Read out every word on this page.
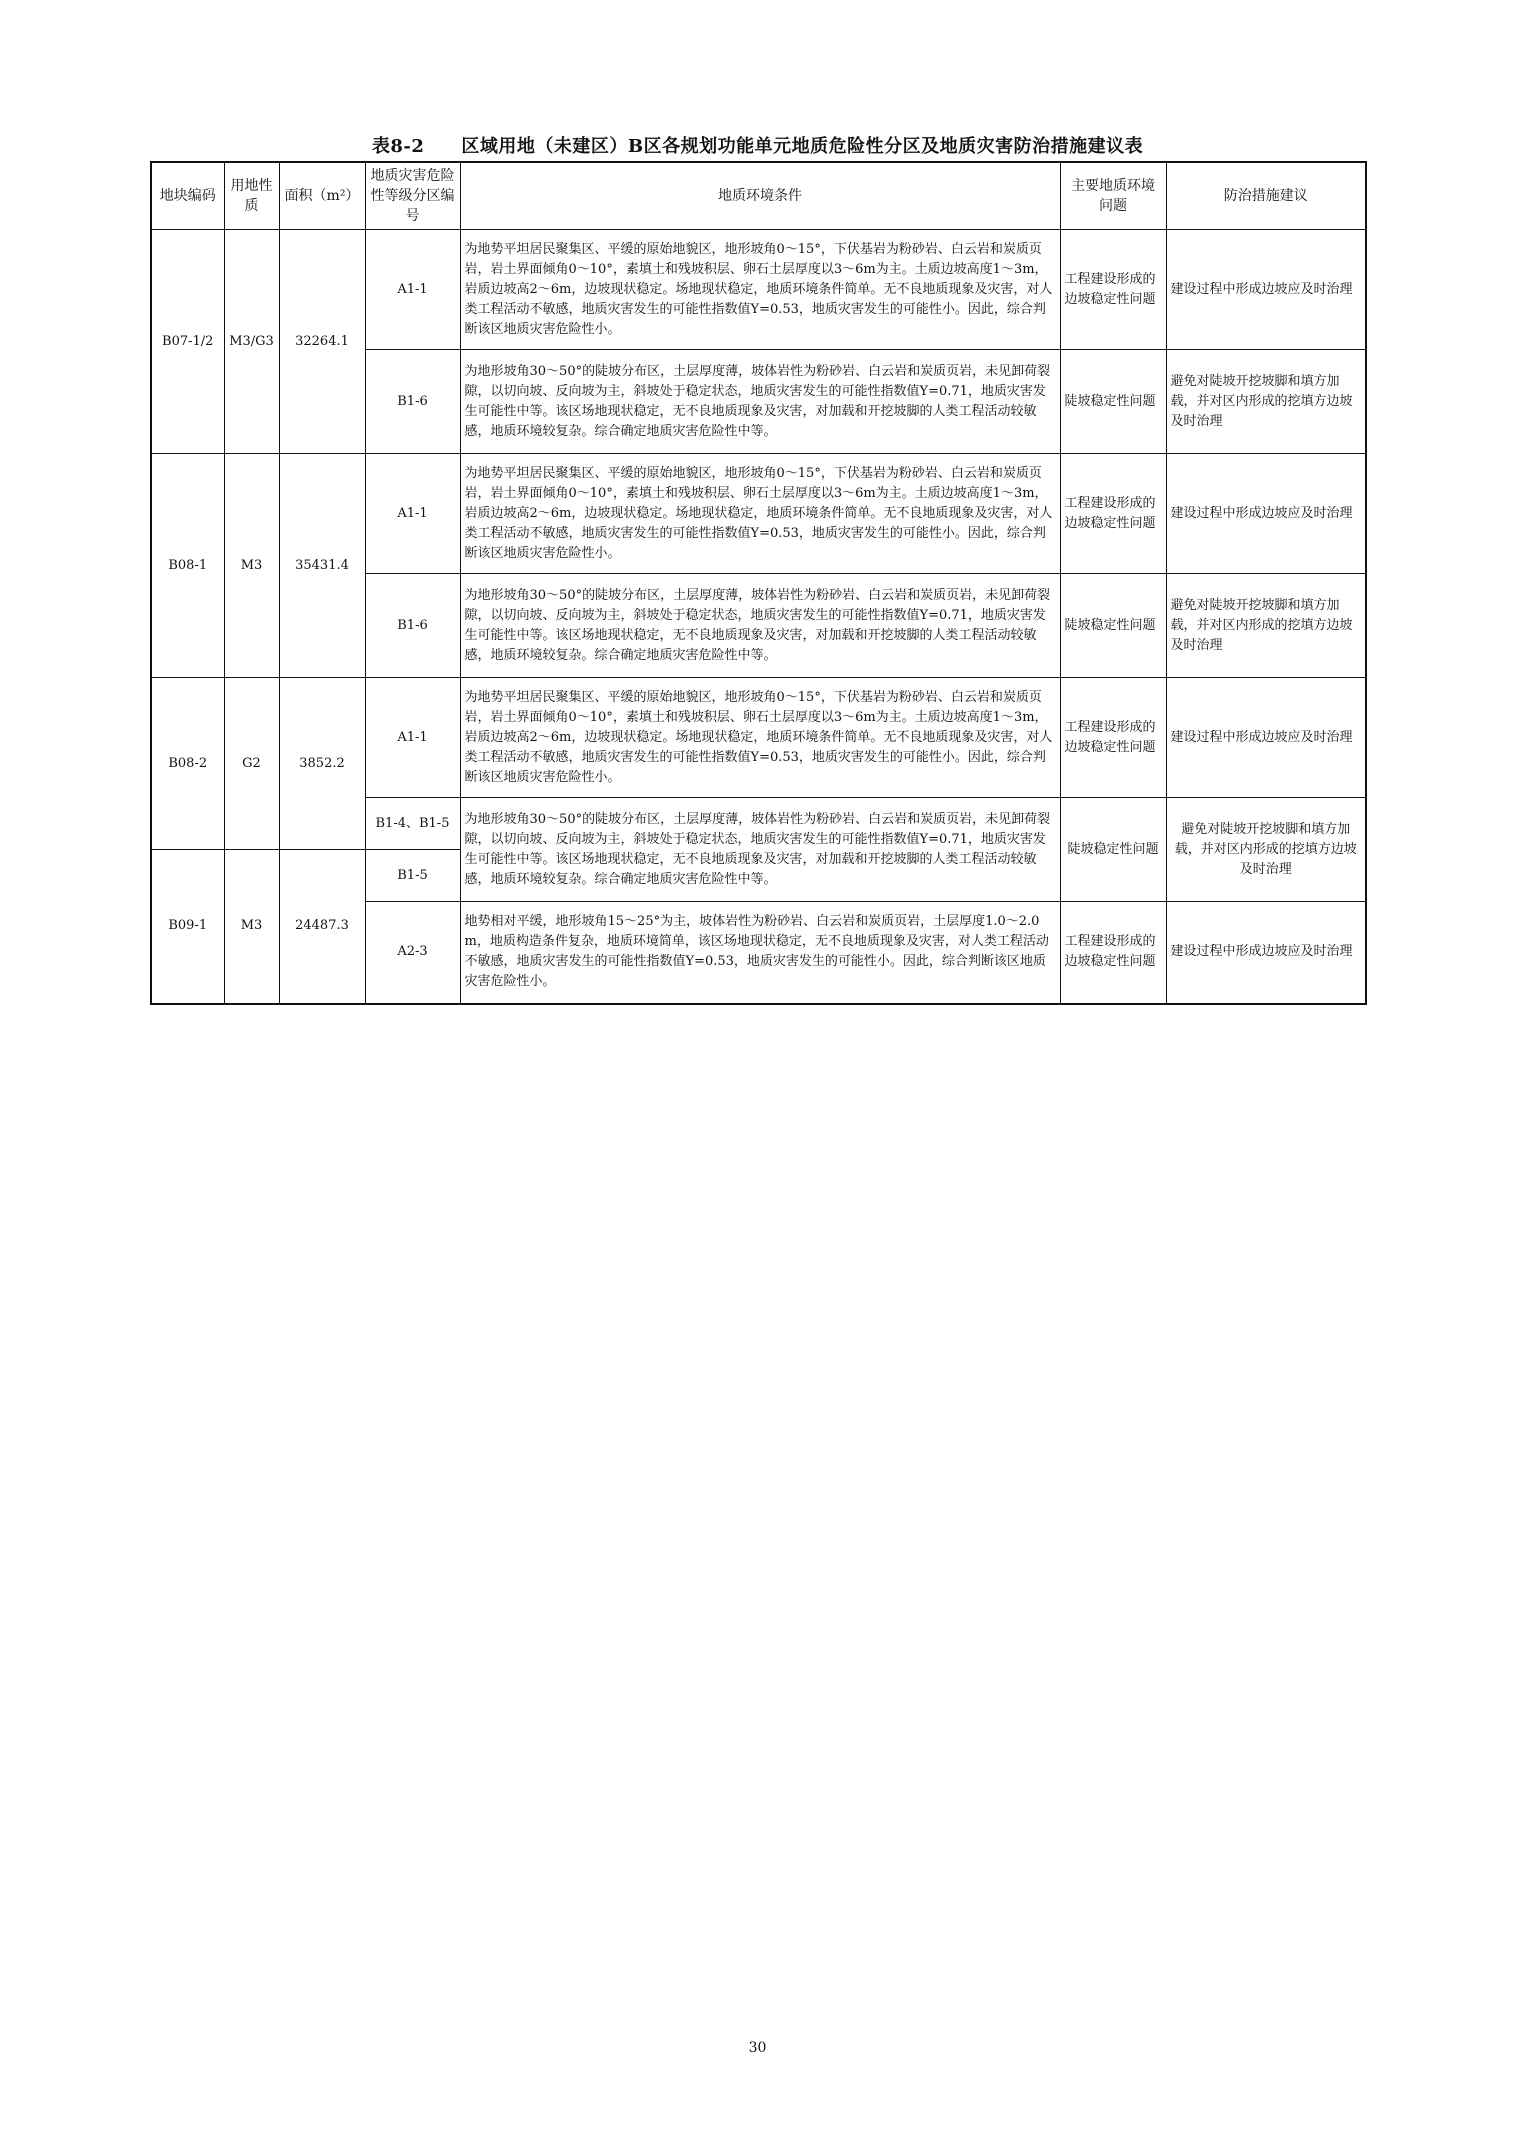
表8-2　　区域用地（未建区）B区各规划功能单元地质危险性分区及地质灾害防治措施建议表
地块编码	用地性质	面积（m²）	地质灾害危险性等级分区编号	地质环境条件	主要地质环境问题	防治措施建议
B07-1/2	M3/G3	32264.1	A1-1	为地势平坦居民聚集区、平缓的原始地貌区，地形坡角0～15°，下伏基岩为粉砂岩、白云岩和炭质页岩，岩土界面倾角0～10°，素填土和残坡积层、卵石土层厚度以3～6m为主。土质边坡高度1～3m，岩质边坡高2～6m，边坡现状稳定。场地现状稳定，地质环境条件简单。无不良地质现象及灾害，对人类工程活动不敏感，地质灾害发生的可能性指数值Y=0.53，地质灾害发生的可能性小。因此，综合判断该区地质灾害危险性小。	工程建设形成的边坡稳定性问题	建设过程中形成边坡应及时治理
			B1-6	为地形坡角30～50°的陡坡分布区，土层厚度薄，坡体岩性为粉砂岩、白云岩和炭质页岩，未见卸荷裂隙，以切向坡、反向坡为主，斜坡处于稳定状态，地质灾害发生的可能性指数值Y=0.71，地质灾害发生可能性中等。该区场地现状稳定，无不良地质现象及灾害，对加载和开挖坡脚的人类工程活动较敏感，地质环境较复杂。综合确定地质灾害危险性中等。	陡坡稳定性问题	避免对陡坡开挖坡脚和填方加载，并对区内形成的挖填方边坡及时治理
B08-1	M3	35431.4	A1-1	为地势平坦居民聚集区、平缓的原始地貌区，地形坡角0～15°，下伏基岩为粉砂岩、白云岩和炭质页岩，岩土界面倾角0～10°，素填土和残坡积层、卵石土层厚度以3～6m为主。土质边坡高度1～3m，岩质边坡高2～6m，边坡现状稳定。场地现状稳定，地质环境条件简单。无不良地质现象及灾害，对人类工程活动不敏感，地质灾害发生的可能性指数值Y=0.53，地质灾害发生的可能性小。因此，综合判断该区地质灾害危险性小。	工程建设形成的边坡稳定性问题	建设过程中形成边坡应及时治理
			B1-6	为地形坡角30～50°的陡坡分布区，土层厚度薄，坡体岩性为粉砂岩、白云岩和炭质页岩，未见卸荷裂隙，以切向坡、反向坡为主，斜坡处于稳定状态，地质灾害发生的可能性指数值Y=0.71，地质灾害发生可能性中等。该区场地现状稳定，无不良地质现象及灾害，对加载和开挖坡脚的人类工程活动较敏感，地质环境较复杂。综合确定地质灾害危险性中等。	陡坡稳定性问题	避免对陡坡开挖坡脚和填方加载，并对区内形成的挖填方边坡及时治理
B08-2	G2	3852.2	A1-1	为地势平坦居民聚集区、平缓的原始地貌区，地形坡角0～15°，下伏基岩为粉砂岩、白云岩和炭质页岩，岩土界面倾角0～10°，素填土和残坡积层、卵石土层厚度以3～6m为主。土质边坡高度1～3m，岩质边坡高2～6m，边坡现状稳定。场地现状稳定，地质环境条件简单。无不良地质现象及灾害，对人类工程活动不敏感，地质灾害发生的可能性指数值Y=0.53，地质灾害发生的可能性小。因此，综合判断该区地质灾害危险性小。	工程建设形成的边坡稳定性问题	建设过程中形成边坡应及时治理
			B1-4、B1-5	为地形坡角30～50°的陡坡分布区，土层厚度薄，坡体岩性为粉砂岩、白云岩和炭质页岩，未见卸荷裂隙，以切向坡、反向坡为主，斜坡处于稳定状态，地质灾害发生的可能性指数值Y=0.71，地质灾害发生可能性中等。该区场地现状稳定，无不良地质现象及灾害，对加载和开挖坡脚的人类工程活动较敏感，地质环境较复杂。综合确定地质灾害危险性中等。	陡坡稳定性问题	避免对陡坡开挖坡脚和填方加载，并对区内形成的挖填方边坡及时治理
B09-1	M3	24487.3	B1-5			
			A2-3	地势相对平缓，地形坡角15～25°为主，坡体岩性为粉砂岩、白云岩和炭质页岩，土层厚度1.0～2.0m，地质构造条件复杂，地质环境简单，该区场地现状稳定，无不良地质现象及灾害，对人类工程活动不敏感，地质灾害发生的可能性指数值Y=0.53，地质灾害发生的可能性小。因此，综合判断该区地质灾害危险性小。	工程建设形成的边坡稳定性问题	建设过程中形成边坡应及时治理
30
